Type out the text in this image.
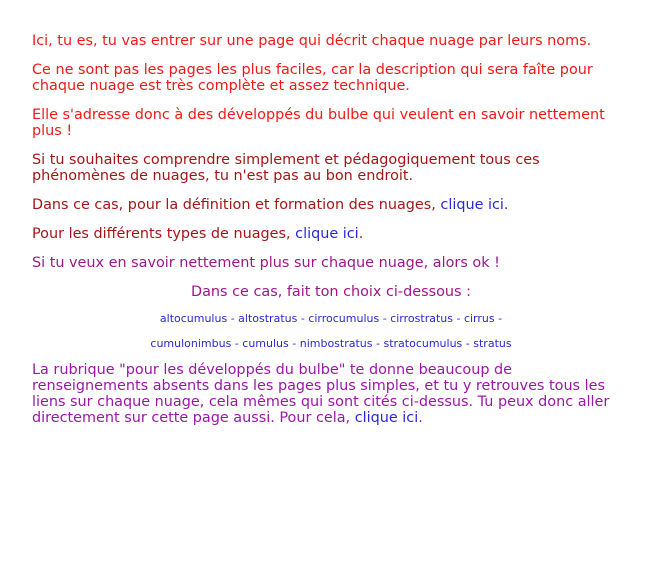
Ici, tu es, tu vas entrer sur une page qui décrit chaque nuage par leurs noms.

Ce ne sont pas les pages les plus faciles, car la description qui sera faîte pour chaque nuage est très complète et assez technique.

Elle s'adresse donc à des développés du bulbe qui veulent en savoir nettement plus !

Si tu souhaites comprendre simplement et pédagogiquement tous ces phénomènes de nuages, tu n'est pas au bon endroit.

Dans ce cas, pour la définition et formation des nuages, clique ici.

Pour les différents types de nuages, clique ici.

Si tu veux en savoir nettement plus sur chaque nuage, alors ok !

Dans ce cas, fait ton choix ci-dessous :

altocumulus - altostratus - cirrocumulus - cirrostratus - cirrus -
cumulonimbus - cumulus - nimbostratus - stratocumulus - stratus

La rubrique "pour les développés du bulbe" te donne beaucoup de renseignements absents dans les pages plus simples, et tu y retrouves tous les liens sur chaque nuage, cela mêmes qui sont cités ci-dessus. Tu peux donc aller directement sur cette page aussi. Pour cela, clique ici.
